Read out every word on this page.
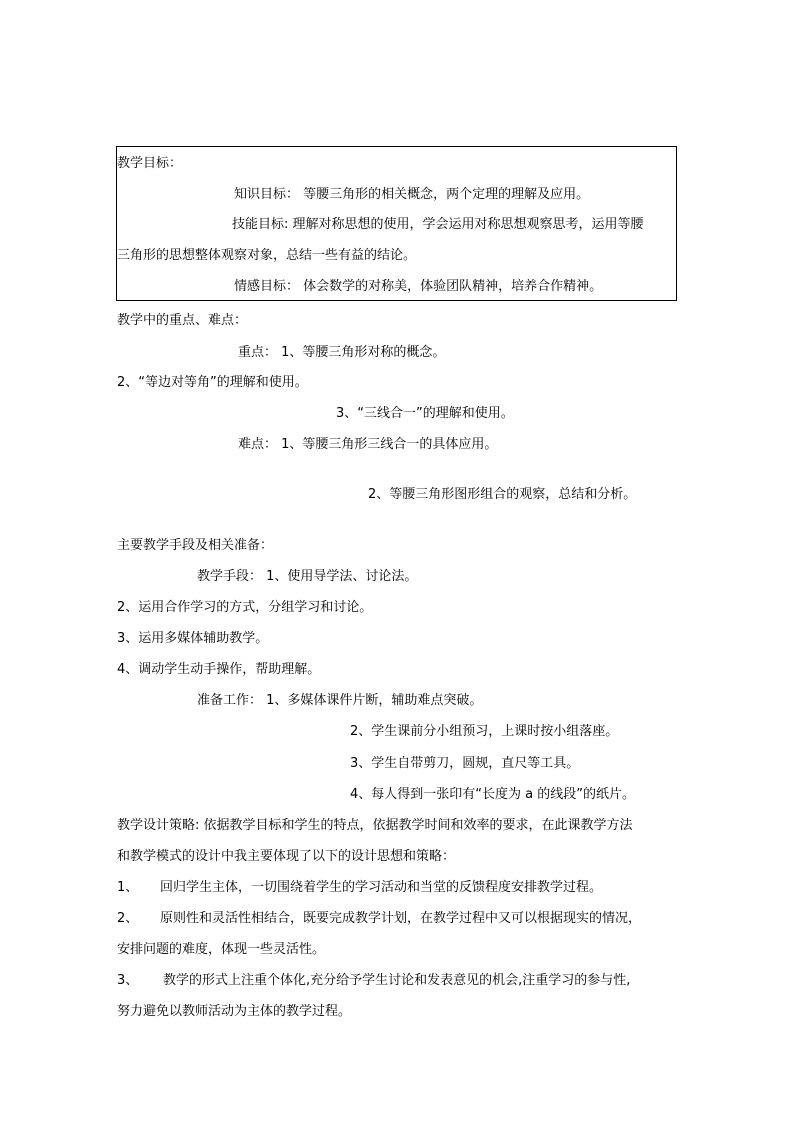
教学目标：
知识目标： 等腰三角形的相关概念，两个定理的理解及应用。
技能目标: 理解对称思想的使用，学会运用对称思想观察思考，运用等腰
三角形的思想整体观察对象，总结一些有益的结论。
情感目标： 体会数学的对称美，体验团队精神，培养合作精神。
教学中的重点、难点：
重点： 1、等腰三角形对称的概念。
2、“等边对等角”的理解和使用。
3、“三线合一”的理解和使用。
难点： 1、等腰三角形三线合一的具体应用。
2、等腰三角形图形组合的观察，总结和分析。
主要教学手段及相关准备：
教学手段： 1、使用导学法、讨论法。
2、运用合作学习的方式，分组学习和讨论。
3、运用多媒体辅助教学。
4、调动学生动手操作，帮助理解。
准备工作： 1、多媒体课件片断，辅助难点突破。
2、学生课前分小组预习，上课时按小组落座。
3、学生自带剪刀，圆规，直尺等工具。
4、每人得到一张印有“长度为 a 的线段”的纸片。
教学设计策略: 依据教学目标和学生的特点，依据教学时间和效率的要求，在此课教学方法
和教学模式的设计中我主要体现了以下的设计思想和策略：
1、 回归学生主体，一切围绕着学生的学习活动和当堂的反馈程度安排教学过程。
2、 原则性和灵活性相结合，既要完成教学计划，在教学过程中又可以根据现实的情况，
安排问题的难度，体现一些灵活性。
3、 教学的形式上注重个体化,充分给予学生讨论和发表意见的机会,注重学习的参与性,
努力避免以教师活动为主体的教学过程。
